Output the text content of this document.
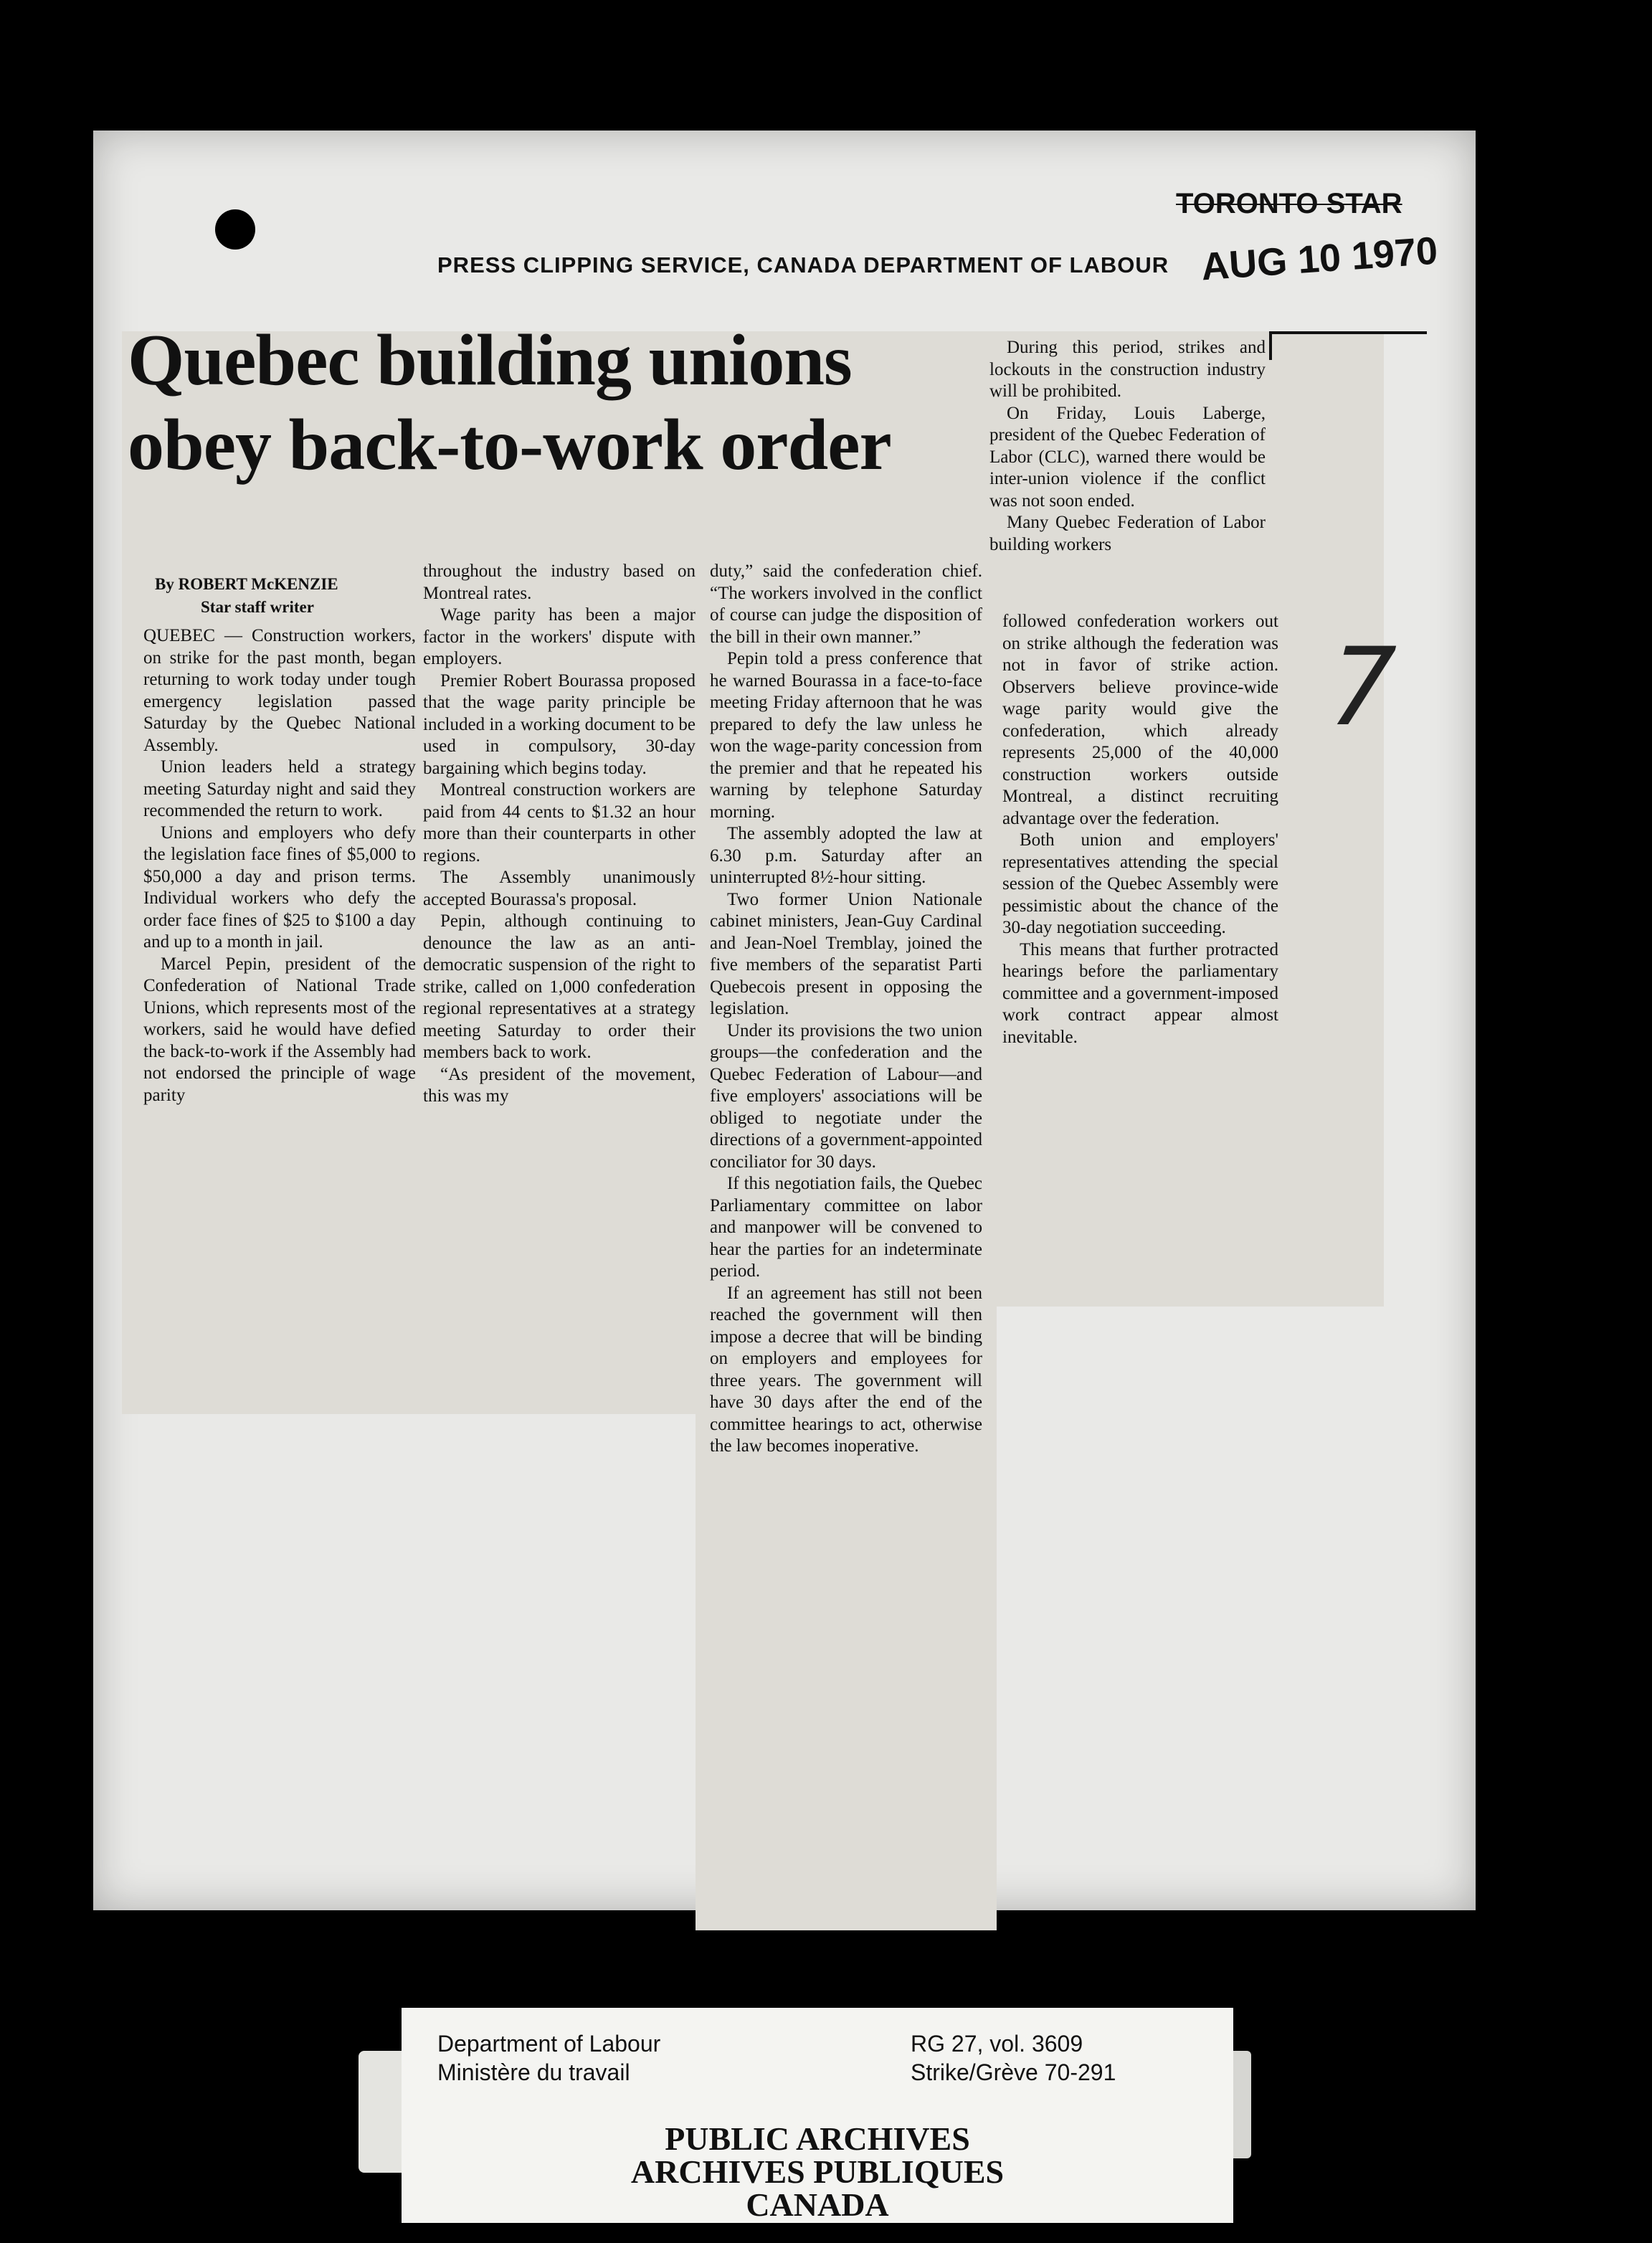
TORONTO STAR
AUG 10 1970
PRESS CLIPPING SERVICE, CANADA DEPARTMENT OF LABOUR
Quebec building unions
obey back-to-work order
By ROBERT McKENZIE
Star staff writer

QUEBEC — Construction workers, on strike for the past month, began returning to work today under tough emergency legislation passed Saturday by the Quebec National Assembly.

Union leaders held a strategy meeting Saturday night and said they recommended the return to work.

Unions and employers who defy the legislation face fines of $5,000 to $50,000 a day and prison terms. Individual workers who defy the order face fines of $25 to $100 a day and up to a month in jail.

Marcel Pepin, president of the Confederation of National Trade Unions, which represents most of the workers, said he would have defied the back-to-work if the Assembly had not endorsed the principle of wage parity

throughout the industry based on Montreal rates.

Wage parity has been a major factor in the workers' dispute with employers.

Premier Robert Bourassa proposed that the wage parity principle be included in a working document to be used in compulsory, 30-day bargaining which begins today.

Montreal construction workers are paid from 44 cents to $1.32 an hour more than their counterparts in other regions.

The Assembly unanimously accepted Bourassa's proposal.

Pepin, although continuing to denounce the law as an anti-democratic suspension of the right to strike, called on 1,000 confederation regional representatives at a strategy meeting Saturday to order their members back to work.

“As president of the movement, this was my

duty,” said the confederation chief. “The workers involved in the conflict of course can judge the disposition of the bill in their own manner.”

Pepin told a press conference that he warned Bourassa in a face-to-face meeting Friday afternoon that he was prepared to defy the law unless he won the wage-parity concession from the premier and that he repeated his warning by telephone Saturday morning.

The assembly adopted the law at 6.30 p.m. Saturday after an uninterrupted 8½-hour sitting.

Two former Union Nationale cabinet ministers, Jean-Guy Cardinal and Jean-Noel Tremblay, joined the five members of the separatist Parti Quebecois present in opposing the legislation.

Under its provisions the two union groups—the confederation and the Quebec Federation of Labour—and five employers' associations will be obliged to negotiate under the directions of a government-appointed conciliator for 30 days.

If this negotiation fails, the Quebec Parliamentary committee on labor and manpower will be convened to hear the parties for an indeterminate period.

If an agreement has still not been reached the government will then impose a decree that will be binding on employers and employees for three years. The government will have 30 days after the end of the committee hearings to act, otherwise the law becomes inoperative.

During this period, strikes and lockouts in the construction industry will be prohibited.

On Friday, Louis Laberge, president of the Quebec Federation of Labor (CLC), warned there would be inter-union violence if the conflict was not soon ended.

Many Quebec Federation of Labor building workers

followed confederation workers out on strike although the federation was not in favor of strike action. Observers believe province-wide wage parity would give the confederation, which already represents 25,000 of the 40,000 construction workers outside Montreal, a distinct recruiting advantage over the federation.

Both union and employers' representatives attending the special session of the Quebec Assembly were pessimistic about the chance of the 30-day negotiation succeeding.

This means that further protracted hearings before the parliamentary committee and a government-imposed work contract appear almost inevitable.

7
Department of Labour
Ministère du travail
RG 27, vol. 3609
Strike/Grève 70-291
PUBLIC ARCHIVES
ARCHIVES PUBLIQUES
CANADA
